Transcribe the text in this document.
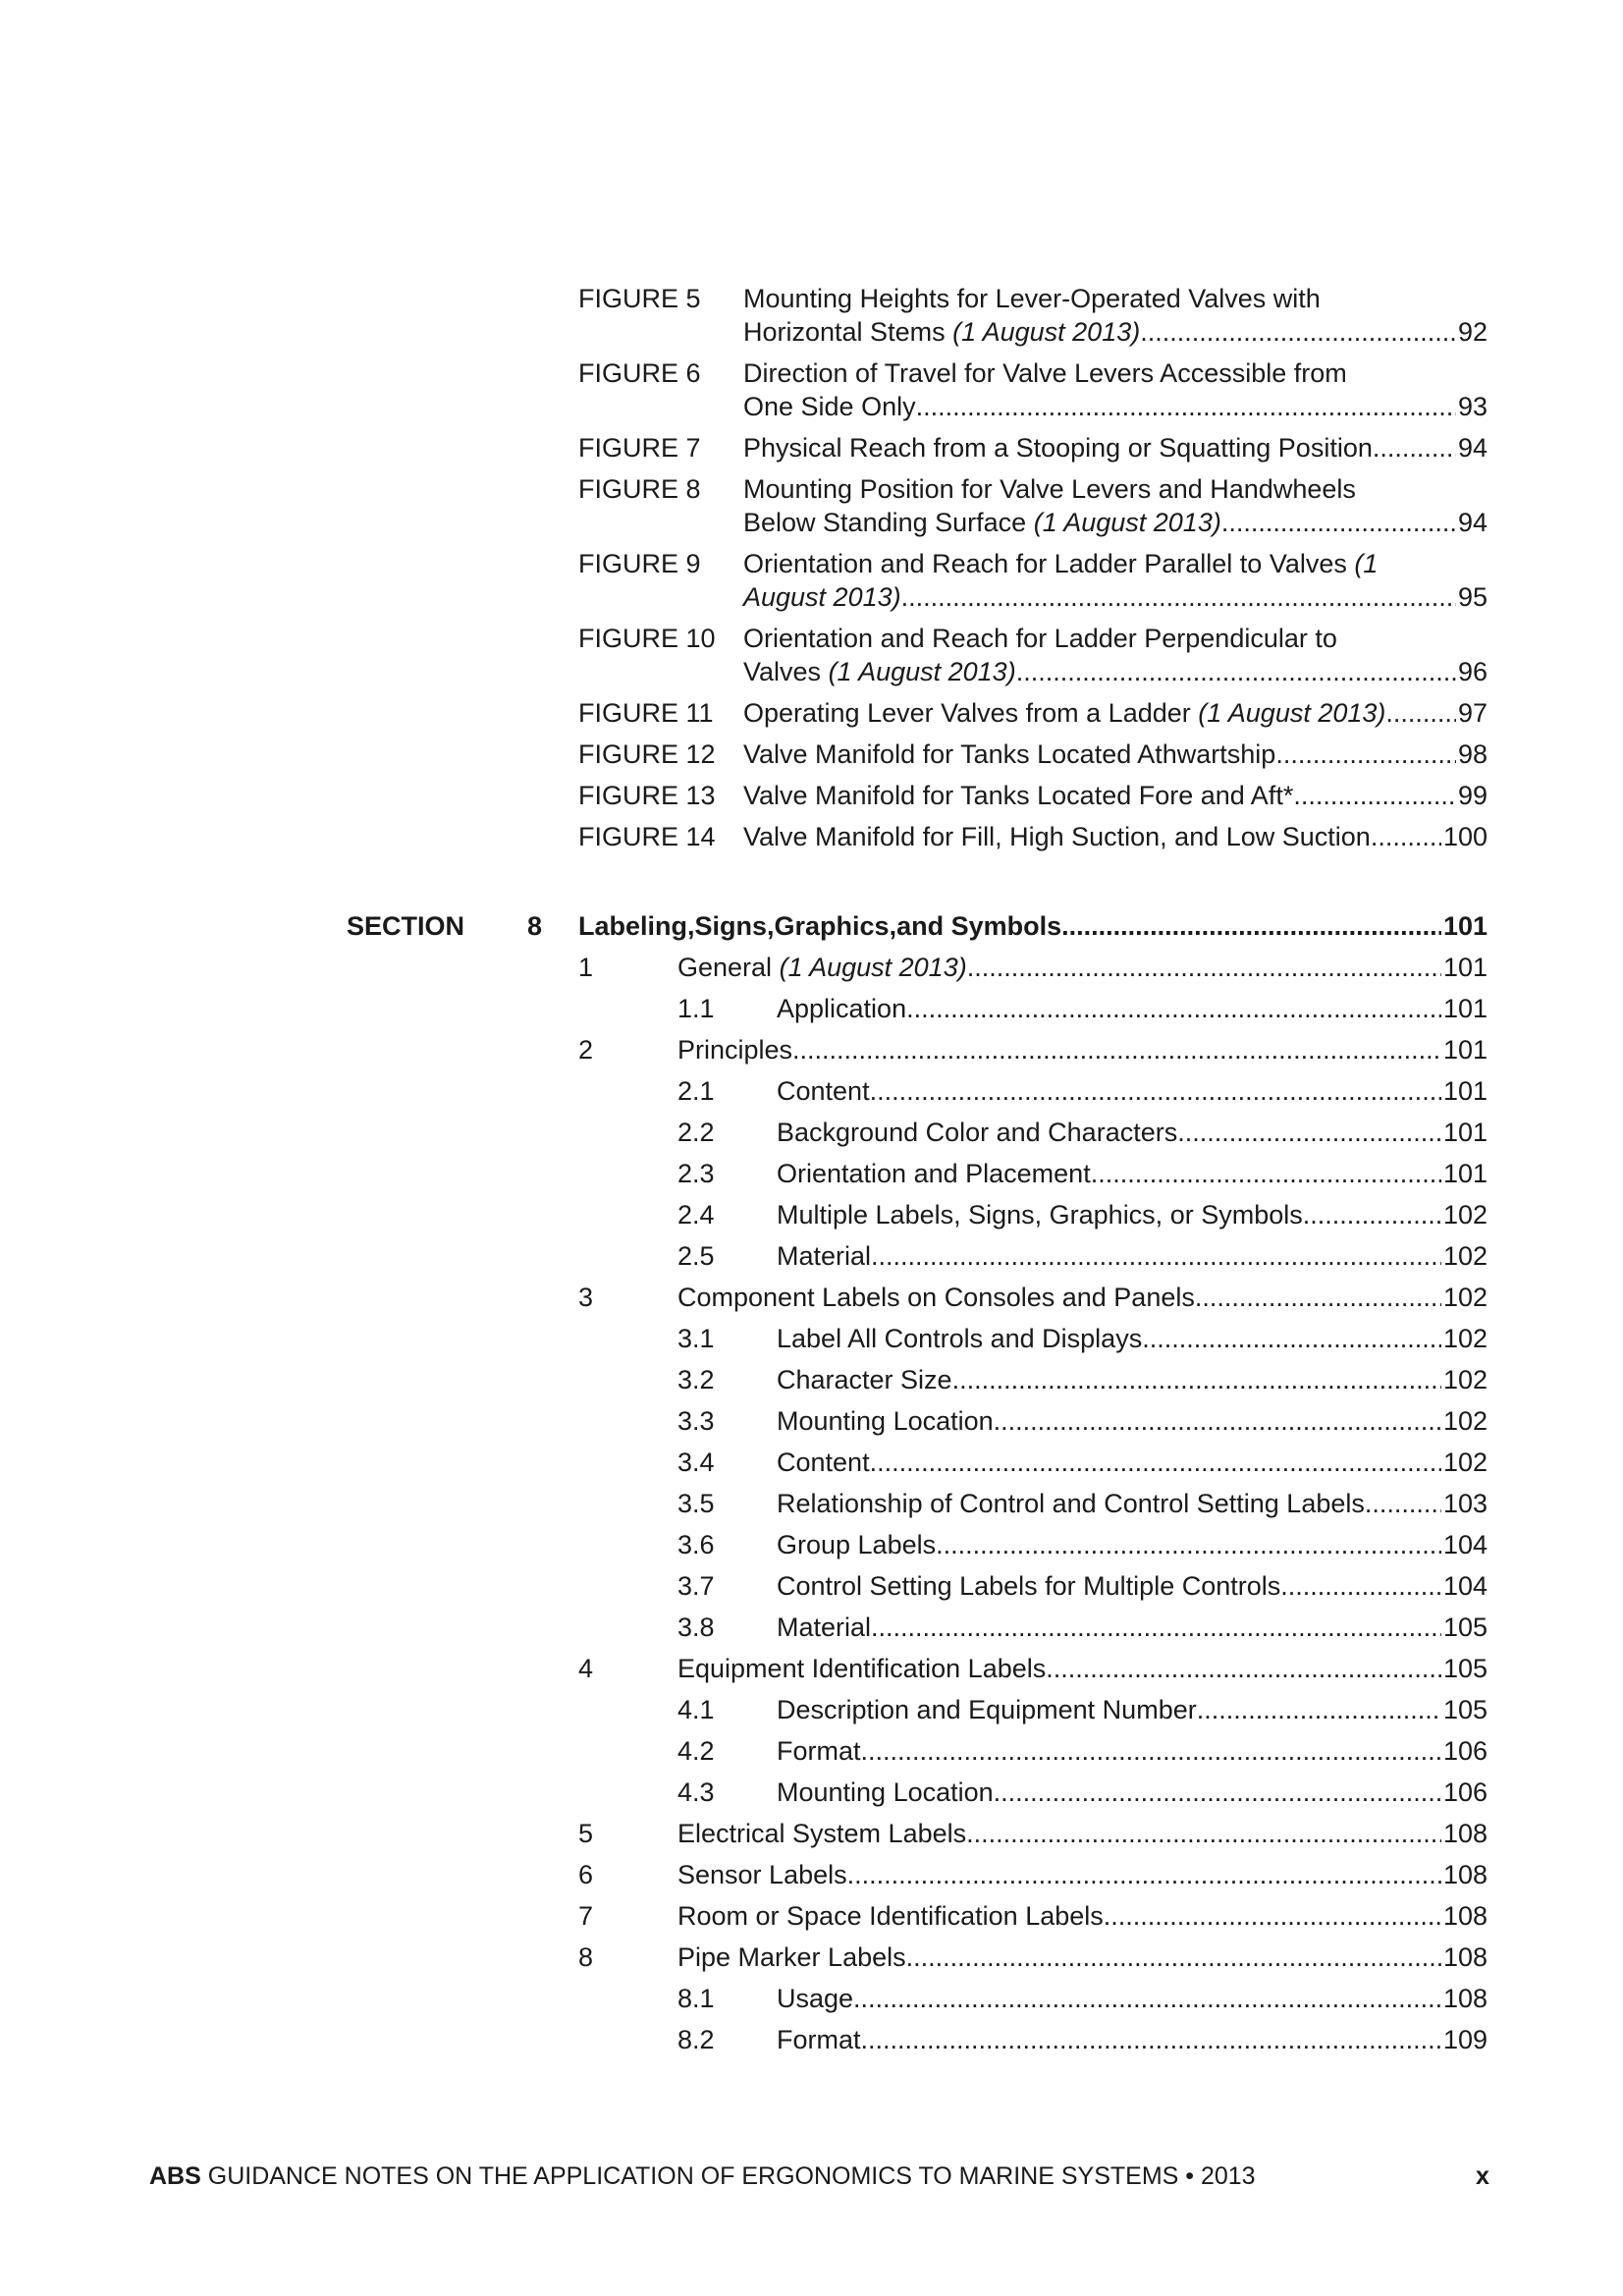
FIGURE 5 Mounting Heights for Lever-Operated Valves with
Horizontal Stems (1 August 2013) .....	92
FIGURE 6 Direction of Travel for Valve Levers Accessible from
One Side Only .....	93
FIGURE 7 Physical Reach from a Stooping or Squatting Position .....	94
FIGURE 8 Mounting Position for Valve Levers and Handwheels
Below Standing Surface (1 August 2013) .....	94
FIGURE 9 Orientation and Reach for Ladder Parallel to Valves (1
August 2013) .....	95
FIGURE 10 Orientation and Reach for Ladder Perpendicular to
Valves (1 August 2013) .....	96
FIGURE 11 Operating Lever Valves from a Ladder (1 August 2013) .....	97
FIGURE 12 Valve Manifold for Tanks Located Athwartship .....	98
FIGURE 13 Valve Manifold for Tanks Located Fore and Aft* .....	99
FIGURE 14 Valve Manifold for Fill, High Suction, and Low Suction .....	100
SECTION 8 Labeling,Signs,Graphics,and Symbols .....	101
1	General (1 August 2013) .....	101
1.1 Application .....	101
2	Principles .....	101
2.1 Content .....	101
2.2 Background Color and Characters .....	101
2.3 Orientation and Placement .....	101
2.4 Multiple Labels, Signs, Graphics, or Symbols .....	102
2.5 Material .....	102
3	Component Labels on Consoles and Panels .....	102
3.1 Label All Controls and Displays .....	102
3.2 Character Size .....	102
3.3 Mounting Location .....	102
3.4 Content .....	102
3.5 Relationship of Control and Control Setting Labels .....	103
3.6 Group Labels .....	104
3.7 Control Setting Labels for Multiple Controls .....	104
3.8 Material .....	105
4	Equipment Identification Labels .....	105
4.1 Description and Equipment Number .....	105
4.2 Format .....	106
4.3 Mounting Location .....	106
5	Electrical System Labels .....	108
6	Sensor Labels .....	108
7	Room or Space Identification Labels .....	108
8	Pipe Marker Labels .....	108
8.1 Usage .....	108
8.2 Format .....	109
ABS GUIDANCE NOTES ON THE APPLICATION OF ERGONOMICS TO MARINE SYSTEMS • 2013	x
